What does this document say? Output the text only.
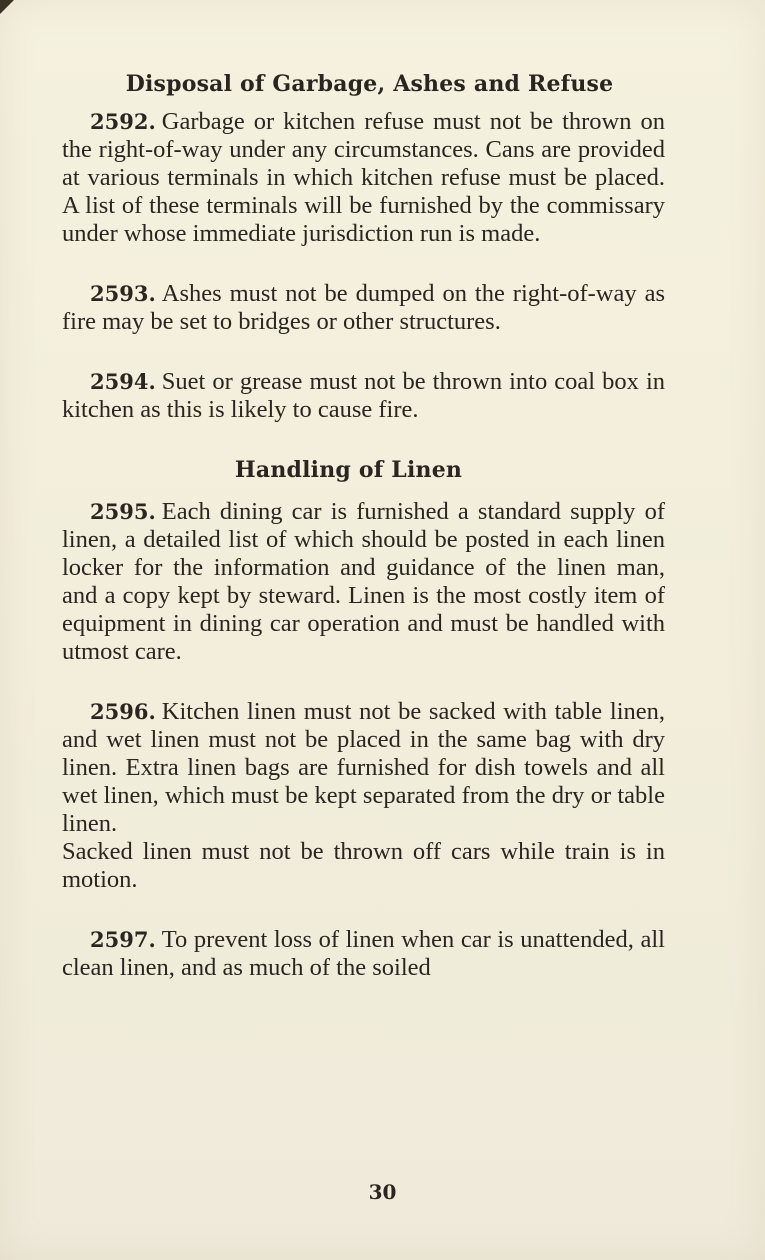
Disposal of Garbage, Ashes and Refuse

2592. Garbage or kitchen refuse must not be thrown on the right-of-way under any circumstances. Cans are provided at various terminals in which kitchen refuse must be placed. A list of these terminals will be furnished by the commissary under whose immediate jurisdiction run is made.

2593. Ashes must not be dumped on the right-of-way as fire may be set to bridges or other structures.

2594. Suet or grease must not be thrown into coal box in kitchen as this is likely to cause fire.

Handling of Linen

2595. Each dining car is furnished a standard supply of linen, a detailed list of which should be posted in each linen locker for the information and guidance of the linen man, and a copy kept by steward. Linen is the most costly item of equipment in dining car operation and must be handled with utmost care.

2596. Kitchen linen must not be sacked with table linen, and wet linen must not be placed in the same bag with dry linen. Extra linen bags are furnished for dish towels and all wet linen, which must be kept separated from the dry or table linen.

Sacked linen must not be thrown off cars while train is in motion.

2597. To prevent loss of linen when car is unattended, all clean linen, and as much of the soiled

30
